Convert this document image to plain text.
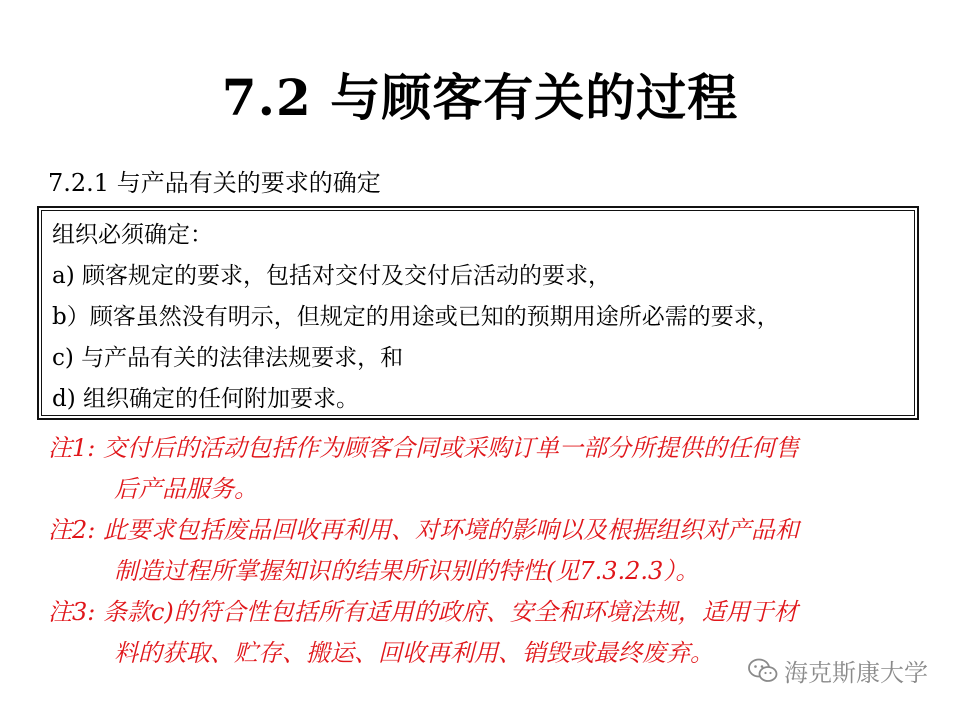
7.2 与顾客有关的过程
7.2.1 与产品有关的要求的确定
组织必须确定：
a) 顾客规定的要求，包括对交付及交付后活动的要求，
b）顾客虽然没有明示，但规定的用途或已知的预期用途所必需的要求，
c) 与产品有关的法律法规要求，和
d) 组织确定的任何附加要求。
注1: 交付后的活动包括作为顾客合同或采购订单一部分所提供的任何售
后产品服务。
注2: 此要求包括废品回收再利用、对环境的影响以及根据组织对产品和
制造过程所掌握知识的结果所识别的特性(见7.3.2.3）。
注3: 条款c)的符合性包括所有适用的政府、安全和环境法规，适用于材
料的获取、贮存、搬运、回收再利用、销毁或最终废弃。
海克斯康大学
